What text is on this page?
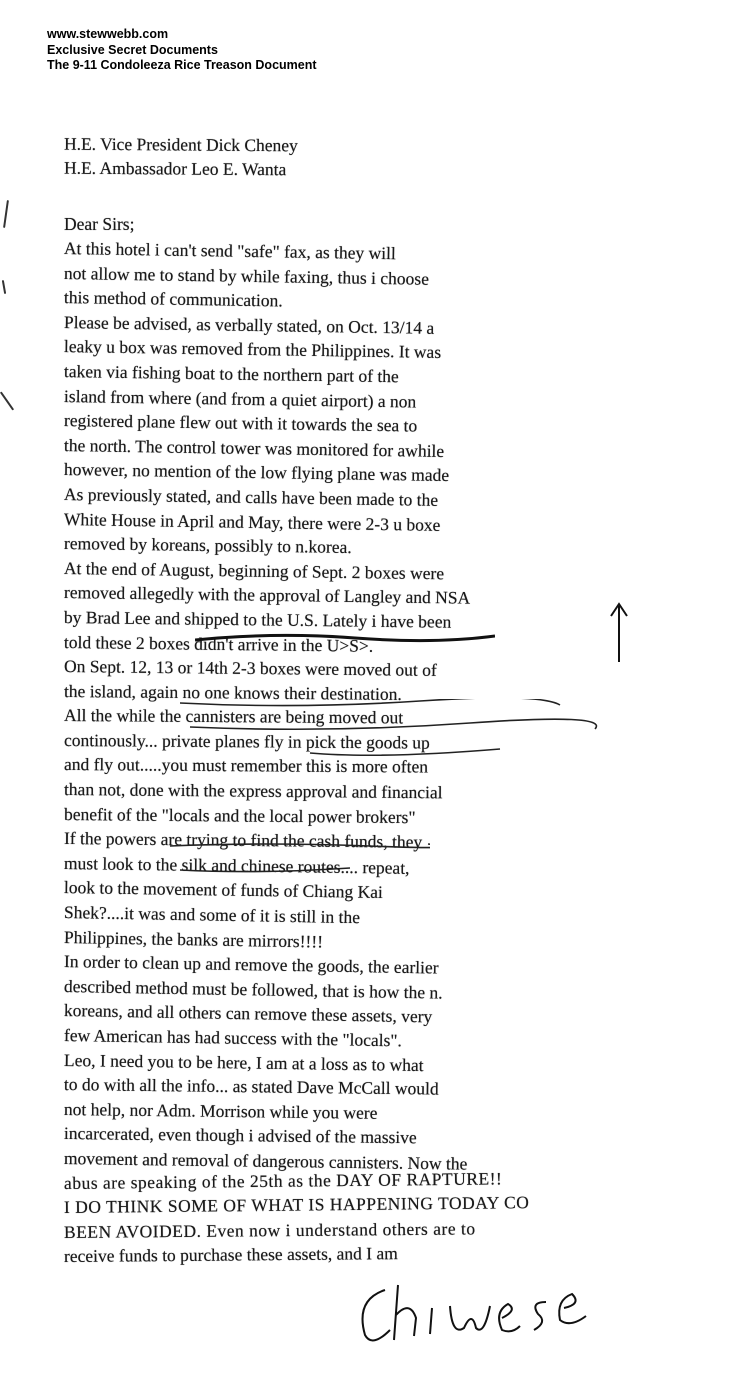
www.stewwebb.com
Exclusive Secret Documents
The 9-11 Condoleeza Rice Treason Document
H.E. Vice President Dick Cheney
H.E. Ambassador Leo E. Wanta
Dear Sirs;
At this hotel i can't send "safe" fax, as they will
not allow me to stand by while faxing, thus i choose
this method of communication.
Please be advised, as verbally stated, on Oct. 13/14 a
leaky u box was removed from the Philippines. It was
taken via fishing boat to the northern part of the
island from where (and from a quiet airport) a non
registered plane flew out with it towards the sea to
the north. The control tower was monitored for awhile
however, no mention of the low flying plane was made
As previously stated, and calls have been made to the
White House in April and May, there were 2-3 u boxe
removed by koreans, possibly to n.korea.
At the end of August, beginning of Sept. 2 boxes were
removed allegedly with the approval of Langley and NSA
by Brad Lee and shipped to the U.S. Lately i have been
told these 2 boxes didn't arrive in the U>S>.
On Sept. 12, 13 or 14th 2-3 boxes were moved out of
the island, again no one knows their destination.
All the while the cannisters are being moved out
continously... private planes fly in pick the goods up
and fly out.....you must remember this is more often
than not, done with the express approval and financial
benefit of the "locals and the local power brokers"
If the powers are trying to find the cash funds, they
must look to the silk and chinese routes.... repeat,
look to the movement of funds of Chiang Kai
Shek?....it was and some of it is still in the
Philippines, the banks are mirrors!!!!
In order to clean up and remove the goods, the earlier
described method must be followed, that is how the n.
koreans, and all others can remove these assets, very
few American has had success with the "locals".
Leo, I need you to be here, I am at a loss as to what
to do with all the info... as stated Dave McCall would
not help, nor Adm. Morrison while you were
incarcerated, even though i advised of the massive
movement and removal of dangerous cannisters. Now the
abus are speaking of the 25th as the DAY OF RAPTURE!!
I DO THINK SOME OF WHAT IS HAPPENING TODAY CO
BEEN AVOIDED. Even now i understand others are to
receive funds to purchase these assets, and I am
